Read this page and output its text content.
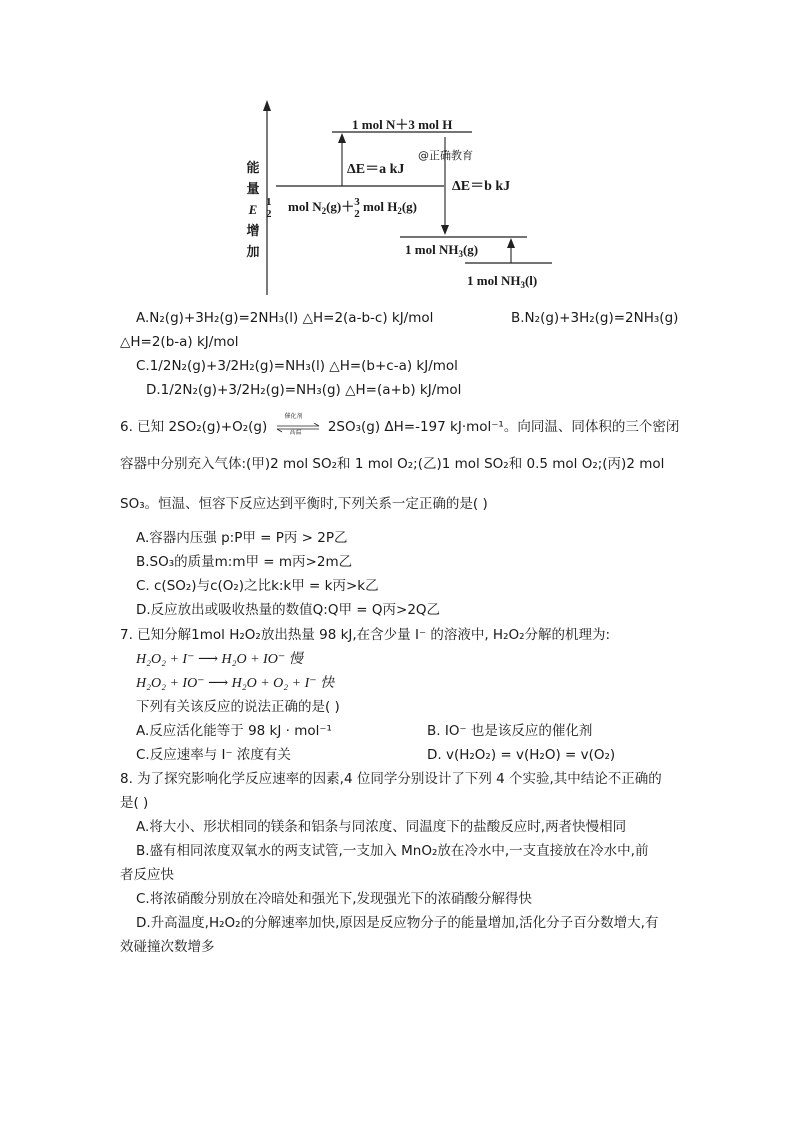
能
量
E
增
加
1 mol N＋3 mol H
@正确教育
ΔE＝a kJ
ΔE＝b kJ
1
2  mol $N_2(g)+3$
2 mol $H_2(g)$
1 mol $NH_3(g)$
1 mol $NH_3(l)$
A.N₂(g)+3H₂(g)=2NH₃(l) △H=2(a-b-c) kJ/mol	B.N₂(g)+3H₂(g)=2NH₃(g)
△H=2(b-a) kJ/mol
C.1/2N₂(g)+3/2H₂(g)=NH₃(l) △H=(b+c-a) kJ/mol
D.1/2N₂(g)+3/2H₂(g)=NH₃(g) △H=(a+b) kJ/mol
6. 已知 2SO₂(g)+O₂(g)
催化剂
高温 2SO₃(g) ΔH=-197 kJ·mol⁻¹。向同温、同体积的三个密闭
容器中分别充入气体:(甲)2 mol SO₂和 1 mol O₂;(乙)1 mol SO₂和 0.5 mol O₂;(丙)2 mol
SO₃。恒温、恒容下反应达到平衡时,下列关系一定正确的是( )
A.容器内压强 p:P甲 = P丙 > 2P乙
B.SO₃的质量m:m甲 = m丙>2m乙
C. c(SO₂)与c(O₂)之比k:k甲 = k丙>k乙
D.反应放出或吸收热量的数值Q:Q甲 = Q丙>2Q乙
7. 已知分解1mol H₂O₂放出热量 98 kJ,在含少量 I⁻ 的溶液中, H₂O₂分解的机理为:
H₂O₂ + I⁻ ⟶ H₂O + IO⁻ 慢
H₂O₂ + IO⁻ ⟶ H₂O + O₂ + I⁻ 快
下列有关该反应的说法正确的是( )
A.反应活化能等于 98 kJ · mol⁻¹	B. IO⁻ 也是该反应的催化剂
C.反应速率与 I⁻ 浓度有关	D. v(H₂O₂) = v(H₂O) = v(O₂)
8. 为了探究影响化学反应速率的因素,4 位同学分别设计了下列 4 个实验,其中结论不正确的
是( )
A.将大小、形状相同的镁条和铝条与同浓度、同温度下的盐酸反应时,两者快慢相同
B.盛有相同浓度双氧水的两支试管,一支加入 MnO₂放在冷水中,一支直接放在冷水中,前
者反应快
C.将浓硝酸分别放在冷暗处和强光下,发现强光下的浓硝酸分解得快
D.升高温度,H₂O₂的分解速率加快,原因是反应物分子的能量增加,活化分子百分数增大,有
效碰撞次数增多
